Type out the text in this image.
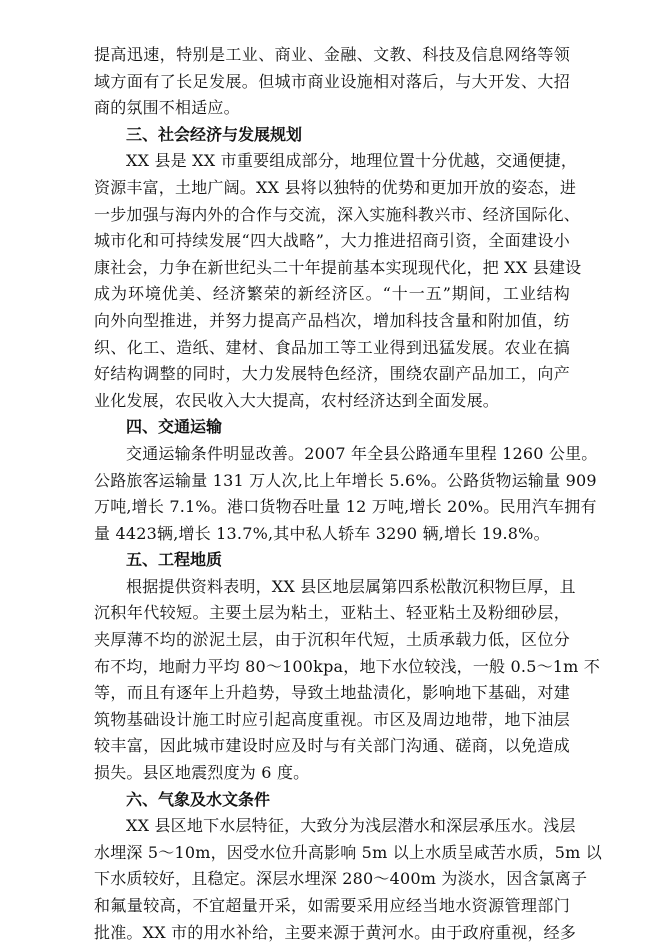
提高迅速，特别是工业、商业、金融、文教、科技及信息网络等领
域方面有了长足发展。但城市商业设施相对落后，与大开发、大招
商的氛围不相适应。
三、社会经济与发展规划
XX 县是 XX 市重要组成部分，地理位置十分优越，交通便捷，
资源丰富，土地广阔。XX 县将以独特的优势和更加开放的姿态，进
一步加强与海内外的合作与交流，深入实施科教兴市、经济国际化、
城市化和可持续发展“四大战略”，大力推进招商引资，全面建设小
康社会，力争在新世纪头二十年提前基本实现现代化，把 XX 县建设
成为环境优美、经济繁荣的新经济区。“十一五”期间，工业结构
向外向型推进，并努力提高产品档次，增加科技含量和附加值，纺
织、化工、造纸、建材、食品加工等工业得到迅猛发展。农业在搞
好结构调整的同时，大力发展特色经济，围绕农副产品加工，向产
业化发展，农民收入大大提高，农村经济达到全面发展。
四、交通运输
交通运输条件明显改善。2007 年全县公路通车里程 1260 公里。
公路旅客运输量 131 万人次,比上年增长 5.6%。公路货物运输量 909
万吨,增长 7.1%。港口货物吞吐量 12 万吨,增长 20%。民用汽车拥有
量 4423辆,增长 13.7%,其中私人轿车 3290 辆,增长 19.8%。
五、工程地质
根据提供资料表明，XX 县区地层属第四系松散沉积物巨厚，且
沉积年代较短。主要土层为粘土，亚粘土、轻亚粘土及粉细砂层，
夹厚薄不均的淤泥土层，由于沉积年代短，土质承载力低，区位分
布不均，地耐力平均 80～100kpa，地下水位较浅，一般 0.5～1m 不
等，而且有逐年上升趋势，导致土地盐渍化，影响地下基础，对建
筑物基础设计施工时应引起高度重视。市区及周边地带，地下油层
较丰富，因此城市建设时应及时与有关部门沟通、磋商，以免造成
损失。县区地震烈度为 6 度。
六、气象及水文条件
XX 县区地下水层特征，大致分为浅层潜水和深层承压水。浅层
水埋深 5～10m，因受水位升高影响 5m 以上水质呈咸苦水质，5m 以
下水质较好，且稳定。深层水埋深 280～400m 为淡水，因含氯离子
和氟量较高，不宜超量开采，如需要采用应经当地水资源管理部门
批准。XX 市的用水补给，主要来源于黄河水。由于政府重视，经多
